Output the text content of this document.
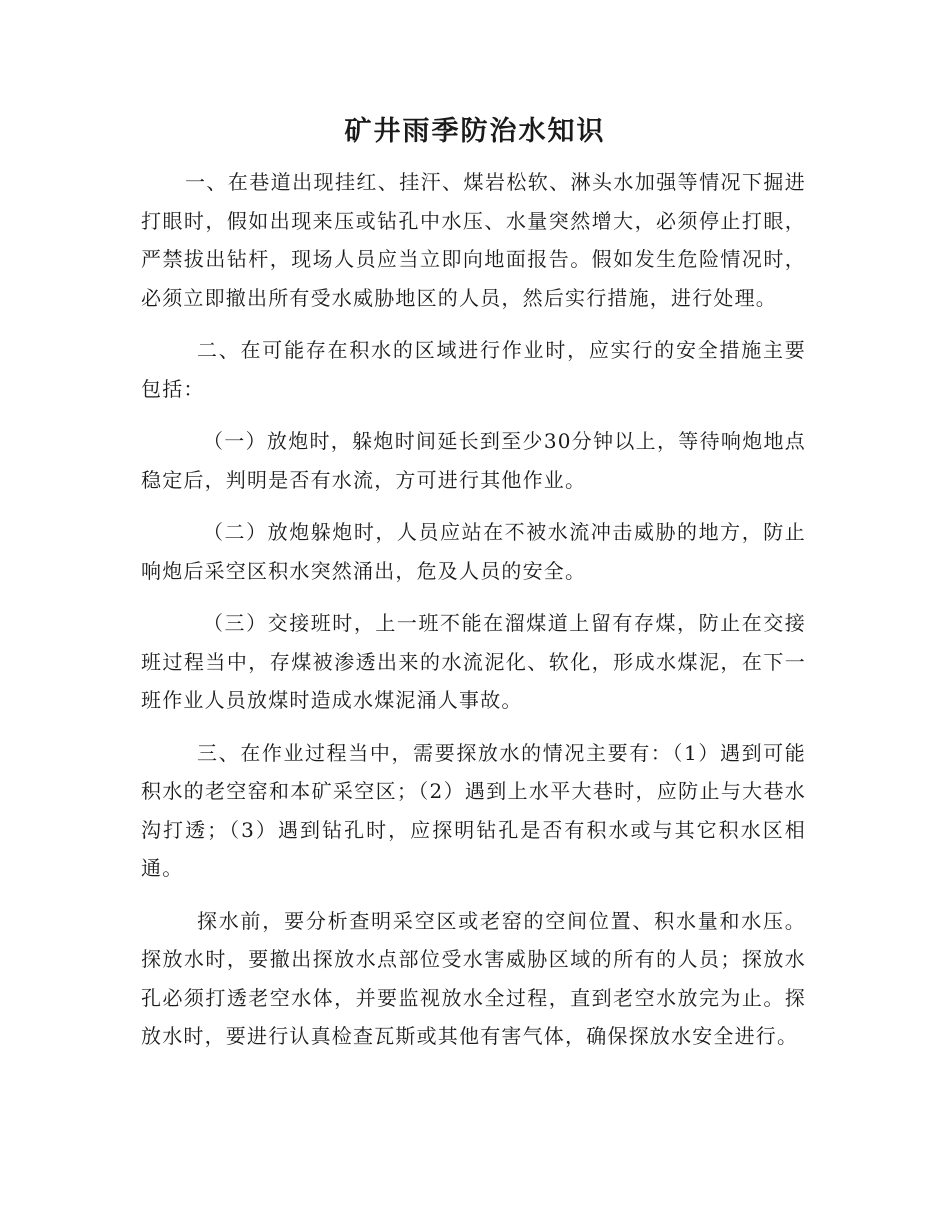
矿井雨季防治水知识

一、在巷道出现挂红、挂汗、煤岩松软、淋头水加强等情况下掘进打眼时，假如出现来压或钻孔中水压、水量突然增大，必须停止打眼，严禁拔出钻杆，现场人员应当立即向地面报告。假如发生危险情况时，必须立即撤出所有受水威胁地区的人员，然后实行措施，进行处理。

二、在可能存在积水的区域进行作业时，应实行的安全措施主要包括：

（一）放炮时，躲炮时间延长到至少30分钟以上，等待响炮地点稳定后，判明是否有水流，方可进行其他作业。

（二）放炮躲炮时，人员应站在不被水流冲击威胁的地方，防止响炮后采空区积水突然涌出，危及人员的安全。

（三）交接班时，上一班不能在溜煤道上留有存煤，防止在交接班过程当中，存煤被渗透出来的水流泥化、软化，形成水煤泥，在下一班作业人员放煤时造成水煤泥涌人事故。

三、在作业过程当中，需要探放水的情况主要有：（1）遇到可能积水的老空窑和本矿采空区；（2）遇到上水平大巷时，应防止与大巷水沟打透；（3）遇到钻孔时，应探明钻孔是否有积水或与其它积水区相通。

探水前，要分析查明采空区或老窑的空间位置、积水量和水压。探放水时，要撤出探放水点部位受水害威胁区域的所有的人员；探放水孔必须打透老空水体，并要监视放水全过程，直到老空水放完为止。探放水时，要进行认真检查瓦斯或其他有害气体，确保探放水安全进行。
